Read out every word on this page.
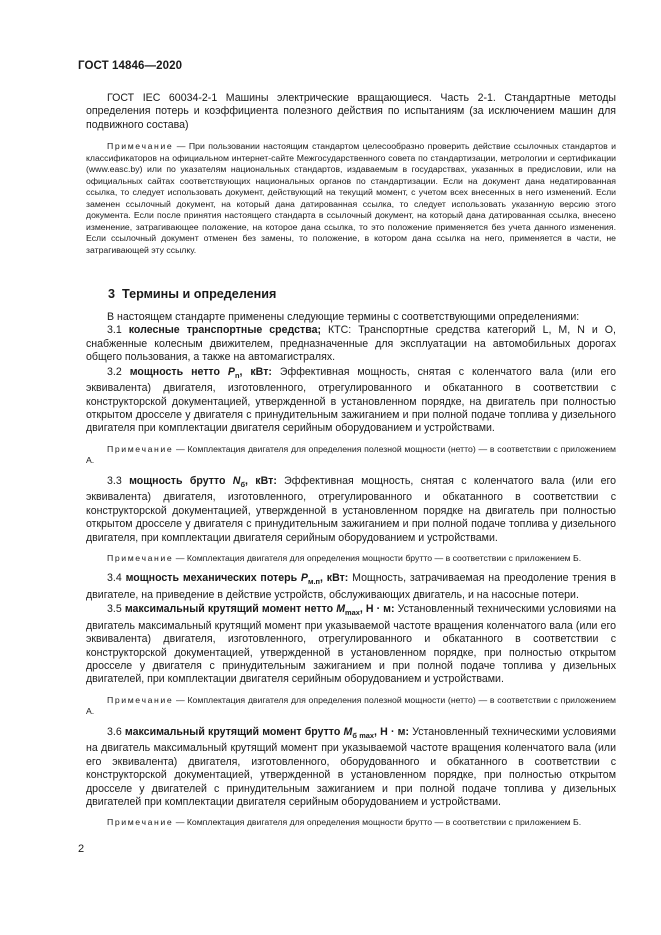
ГОСТ 14846—2020

ГОСТ IEC 60034-2-1 Машины электрические вращающиеся. Часть 2-1. Стандартные методы определения потерь и коэффициента полезного действия по испытаниям (за исключением машин для подвижного состава)

Примечание — При пользовании настоящим стандартом целесообразно проверить действие ссылочных стандартов и классификаторов на официальном интернет-сайте Межгосударственного совета по стандартизации, метрологии и сертификации (www.easc.by) или по указателям национальных стандартов, издаваемым в государствах, указанных в предисловии, или на официальных сайтах соответствующих национальных органов по стандартизации. Если на документ дана недатированная ссылка, то следует использовать документ, действующий на текущий момент, с учетом всех внесенных в него изменений. Если заменен ссылочный документ, на который дана датированная ссылка, то следует использовать указанную версию этого документа. Если после принятия настоящего стандарта в ссылочный документ, на который дана датированная ссылка, внесено изменение, затрагивающее положение, на которое дана ссылка, то это положение применяется без учета данного изменения. Если ссылочный документ отменен без замены, то положение, в котором дана ссылка на него, применяется в части, не затрагивающей эту ссылку.

3 Термины и определения

В настоящем стандарте применены следующие термины с соответствующими определениями:

3.1 колесные транспортные средства; КТС: Транспортные средства категорий L, M, N и O, снабженные колесным движителем, предназначенные для эксплуатации на автомобильных дорогах общего пользования, а также на автомагистралях.

3.2 мощность нетто $P_n$, кВт: Эффективная мощность, снятая с коленчатого вала (или его эквивалента) двигателя, изготовленного, отрегулированного и обкатанного в соответствии с конструкторской документацией, утвержденной в установленном порядке, на двигатель при полностью открытом дросселе у двигателя с принудительным зажиганием и при полной подаче топлива у дизельного двигателя при комплектации двигателя серийным оборудованием и устройствами.

Примечание — Комплектация двигателя для определения полезной мощности (нетто) — в соответствии с приложением А.

3.3 мощность брутто $N_б$, кВт: Эффективная мощность, снятая с коленчатого вала (или его эквивалента) двигателя, изготовленного, отрегулированного и обкатанного в соответствии с конструкторской документацией, утвержденной в установленном порядке на двигатель при полностью открытом дросселе у двигателя с принудительным зажиганием и при полной подаче топлива у дизельного двигателя, при комплектации двигателя серийным оборудованием и устройствами.

Примечание — Комплектация двигателя для определения мощности брутто — в соответствии с приложением Б.

3.4 мощность механических потерь $P_{м.п}$, кВт: Мощность, затрачиваемая на преодоление трения в двигателе, на приведение в действие устройств, обслуживающих двигатель, и на насосные потери.

3.5 максимальный крутящий момент нетто $M_{max}$, Н · м: Установленный техническими условиями на двигатель максимальный крутящий момент при указываемой частоте вращения коленчатого вала (или его эквивалента) двигателя, изготовленного, отрегулированного и обкатанного в соответствии с конструкторской документацией, утвержденной в установленном порядке, при полностью открытом дросселе у двигателя с принудительным зажиганием и при полной подаче топлива у дизельных двигателей, при комплектации двигателя серийным оборудованием и устройствами.

Примечание — Комплектация двигателя для определения полезной мощности (нетто) — в соответствии с приложением А.

3.6 максимальный крутящий момент брутто $M_{б max}$, Н · м: Установленный техническими условиями на двигатель максимальный крутящий момент при указываемой частоте вращения коленчатого вала (или его эквивалента) двигателя, изготовленного, оборудованного и обкатанного в соответствии с конструкторской документацией, утвержденной в установленном порядке, при полностью открытом дросселе у двигателей с принудительным зажиганием и при полной подаче топлива у дизельных двигателей при комплектации двигателя серийным оборудованием и устройствами.

Примечание — Комплектация двигателя для определения мощности брутто — в соответствии с приложением Б.

2
